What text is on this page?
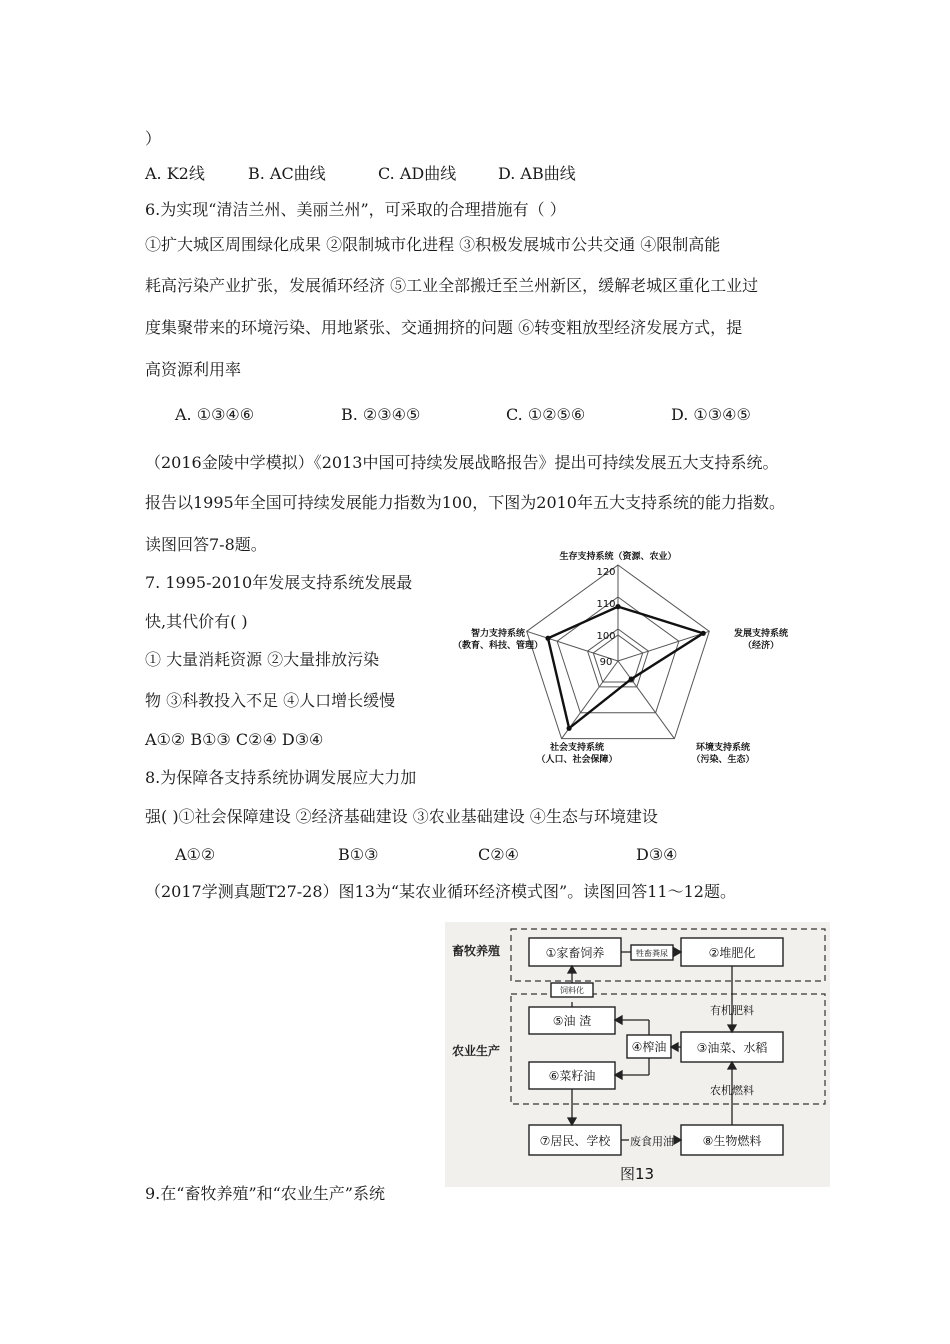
）
A. K2线	B. AC曲线	C. AD曲线	D. AB曲线
6.为实现“清洁兰州、美丽兰州”，可采取的合理措施有（ ）
①扩大城区周围绿化成果 ②限制城市化进程 ③积极发展城市公共交通 ④限制高能
耗高污染产业扩张，发展循环经济 ⑤工业全部搬迁至兰州新区，缓解老城区重化工业过
度集聚带来的环境污染、用地紧张、交通拥挤的问题 ⑥转变粗放型经济发展方式，提
高资源利用率
A. ①③④⑥	B. ②③④⑤	C. ①②⑤⑥	D. ①③④⑤
（2016金陵中学模拟）《2013中国可持续发展战略报告》提出可持续发展五大支持系统。
报告以1995年全国可持续发展能力指数为100，下图为2010年五大支持系统的能力指数。
读图回答7-8题。
7. 1995-2010年发展支持系统发展最
快,其代价有( )
① 大量消耗资源 ②大量排放污染
物 ③科教投入不足 ④人口增长缓慢
A①② B①③ C②④ D③④
8.为保障各支持系统协调发展应大力加
强( )①社会保障建设 ②经济基础建设 ③农业基础建设 ④生态与环境建设
A①②	B①③	C②④	D③④
（2017学测真题T27-28）图13为“某农业循环经济模式图”。读图回答11～12题。
9.在“畜牧养殖”和“农业生产”系统
120
110
100
90
生存支持系统（资源、农业）
发展支持系统
（经济）
环境支持系统
（污染、生态）
社会支持系统
（人口、社会保障）
智力支持系统
（教育、科技、管理）
畜牧养殖
农业生产
①家畜饲养	②堆肥化
③油菜、水稻
④榨油
⑤油 渣
⑥菜籽油
⑦居民、学校	⑧生物燃料
牲畜粪尿
饲料化
有机肥料
农机燃料
废食用油
图13
